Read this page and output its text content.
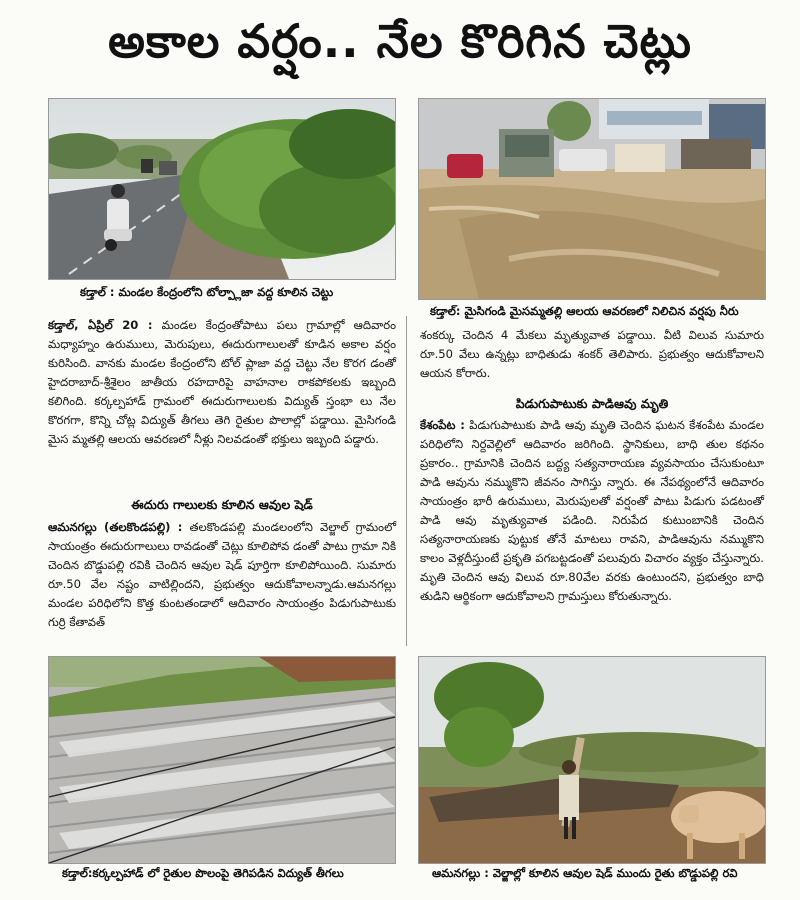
అకాల వర్షం.. నేల కొరిగిన చెట్లు
కడ్తాల్ : మండల కేంద్రంలోని టోల్ప్లాజా వద్ద కూలిన చెట్టు
కడ్తాల్: మైసిగండి మైసమ్మతల్లి ఆలయ ఆవరణలో నిలిచిన వర్షపు నీరు

కడ్తాల్, ఏప్రిల్ 20 : మండల కేంద్రంతోపాటు పలు గ్రామాల్లో ఆదివారం మధ్యాహ్నం ఉరుములు, మెరుపులు, ఈదురుగాలులతో కూడిన అకాల వర్షం కురిసింది. వానకు మండల కేంద్రంలోని టోల్ ప్లాజా వద్ద చెట్టు నేల కొరగ డంతో హైదరాబాద్-శ్రీశైలం జాతీయ రహదారిపై వాహనాల రాకపోకలకు ఇబ్బంది కలిగింది. కర్కల్పహాడ్ గ్రామంలో ఈదురుగాలులకు విద్యుత్ స్తంభా లు నేల కొరగగా, కొన్ని చోట్ల విద్యుత్ తీగలు తెగి రైతుల పొలాల్లో పడ్డాయి. మైసిగండి మైస మ్మతల్లి ఆలయ ఆవరణలో నీళ్లు నిలవడంతో భక్తులు ఇబ్బంది పడ్డారు.

ఈదురు గాలులకు కూలిన ఆవుల షెడ్

ఆమనగల్లు (తలకొండపల్లి) : తలకొండపల్లి మండలంలోని వెల్జాల్ గ్రామంలో సాయంత్రం ఈదురుగాలులు రావడంతో చెట్లు కూలిపోవ డంతో పాటు గ్రామా నికి చెందిన బొడ్డుపల్లి రవికి చెందిన ఆవుల షెడ్ పూర్తిగా కూలిపోయింది. సుమారు రూ.50 వేల నష్టం వాటిల్లిందని, ప్రభుత్వం ఆదుకోవాలన్నాడు.ఆమనగల్లు మండల పరిధిలోని కొత్త కుంటతండాలో ఆదివారం సాయంత్రం పిడుగుపాటుకు గుర్రి కేతావత్

శంకర్కు చెందిన 4 మేకలు మృత్యువాత పడ్డాయి. వీటి విలువ సుమారు రూ.50 వేలు ఉన్నట్లు బాధితుడు శంకర్ తెలిపారు. ప్రభుత్వం ఆదుకోవాలని ఆయన కోరారు.

పిడుగుపాటుకు పాడిఆవు మృతి

కేశంపేట : పిడుగుపాటుకు పాడి ఆవు మృతి చెందిన ఘటన కేశంపేట మండల పరిధిలోని నిర్దవెల్లిలో ఆదివారం జరిగింది. స్థానికులు, బాధి తుల కథనం ప్రకారం.. గ్రామానికి చెందిన బద్ద్య సత్యనారాయణ వ్యవసాయం చేసుకుంటూ పాడి ఆవును నమ్ముకొని జీవనం సాగిస్తు న్నారు. ఈ నేపథ్యంలోనే ఆదివారం సాయంత్రం భారీ ఉరుములు, మెరుపులతో వర్షంతో పాటు పిడుగు పడటంతో పాడి ఆవు మృత్యువాత పడింది. నిరుపేద కుటుంబానికి చెందిన సత్యనారాయణకు పుట్టుక తోనే మాటలు రావని, పాడిఆవును నమ్ముకొని కాలం వెళ్లదీస్తుంటే ప్రకృతి పగబట్టడంతో పలువురు విచారం వ్యక్తం చేస్తున్నారు. మృతి చెందిన ఆవు విలువ రూ.80వేల వరకు ఉంటుందని, ప్రభుత్వం బాధి తుడిని ఆర్థికంగా ఆదుకోవాలని గ్రామస్తులు కోరుతున్నారు.

కడ్తాల్:కర్కల్పహాడ్ లో రైతుల పొలంపై తెగిపడిన విద్యుత్ తీగలు	ఆమనగల్లు : వెల్జాల్లో కూలిన ఆవుల షెడ్ ముందు రైతు బొడ్డుపల్లి రవి
